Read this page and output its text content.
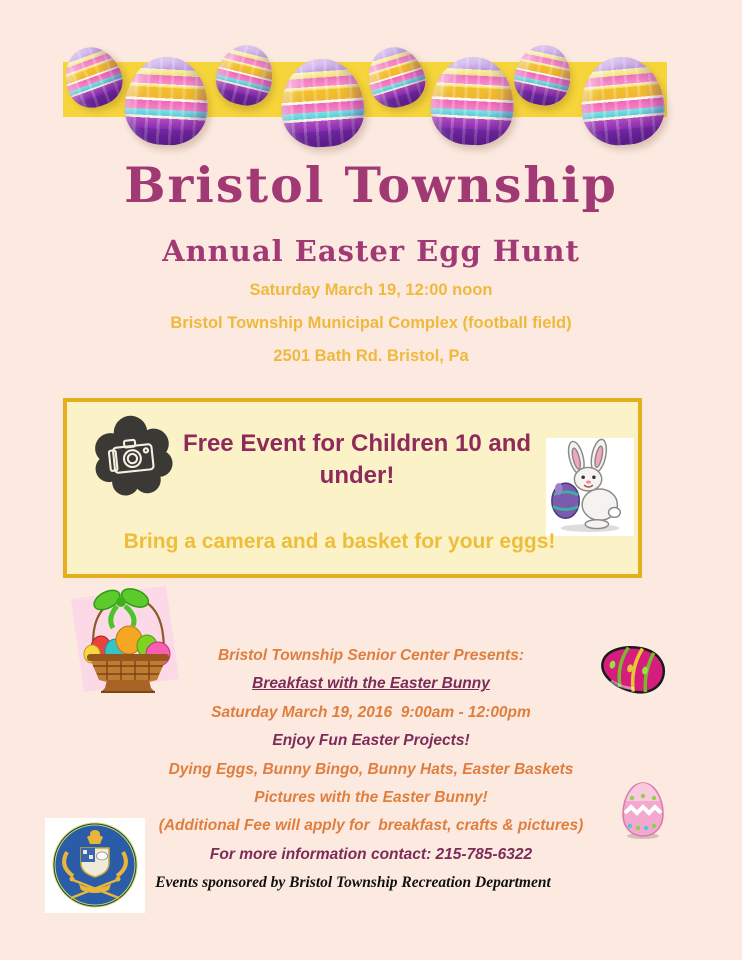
Bristol Township
Annual Easter Egg Hunt
Saturday March 19, 12:00 noon
Bristol Township Municipal Complex (football field)
2501 Bath Rd. Bristol, Pa
Free Event for Children 10 and under!
Bring a camera and a basket for your eggs!

Bristol Township Senior Center Presents:

Breakfast with the Easter Bunny

Saturday March 19, 2016  9:00am - 12:00pm

Enjoy Fun Easter Projects!

Dying Eggs, Bunny Bingo, Bunny Hats, Easter Baskets

Pictures with the Easter Bunny!

(Additional Fee will apply for  breakfast, crafts & pictures)

For more information contact: 215-785-6322

Events sponsored by Bristol Township Recreation Department
